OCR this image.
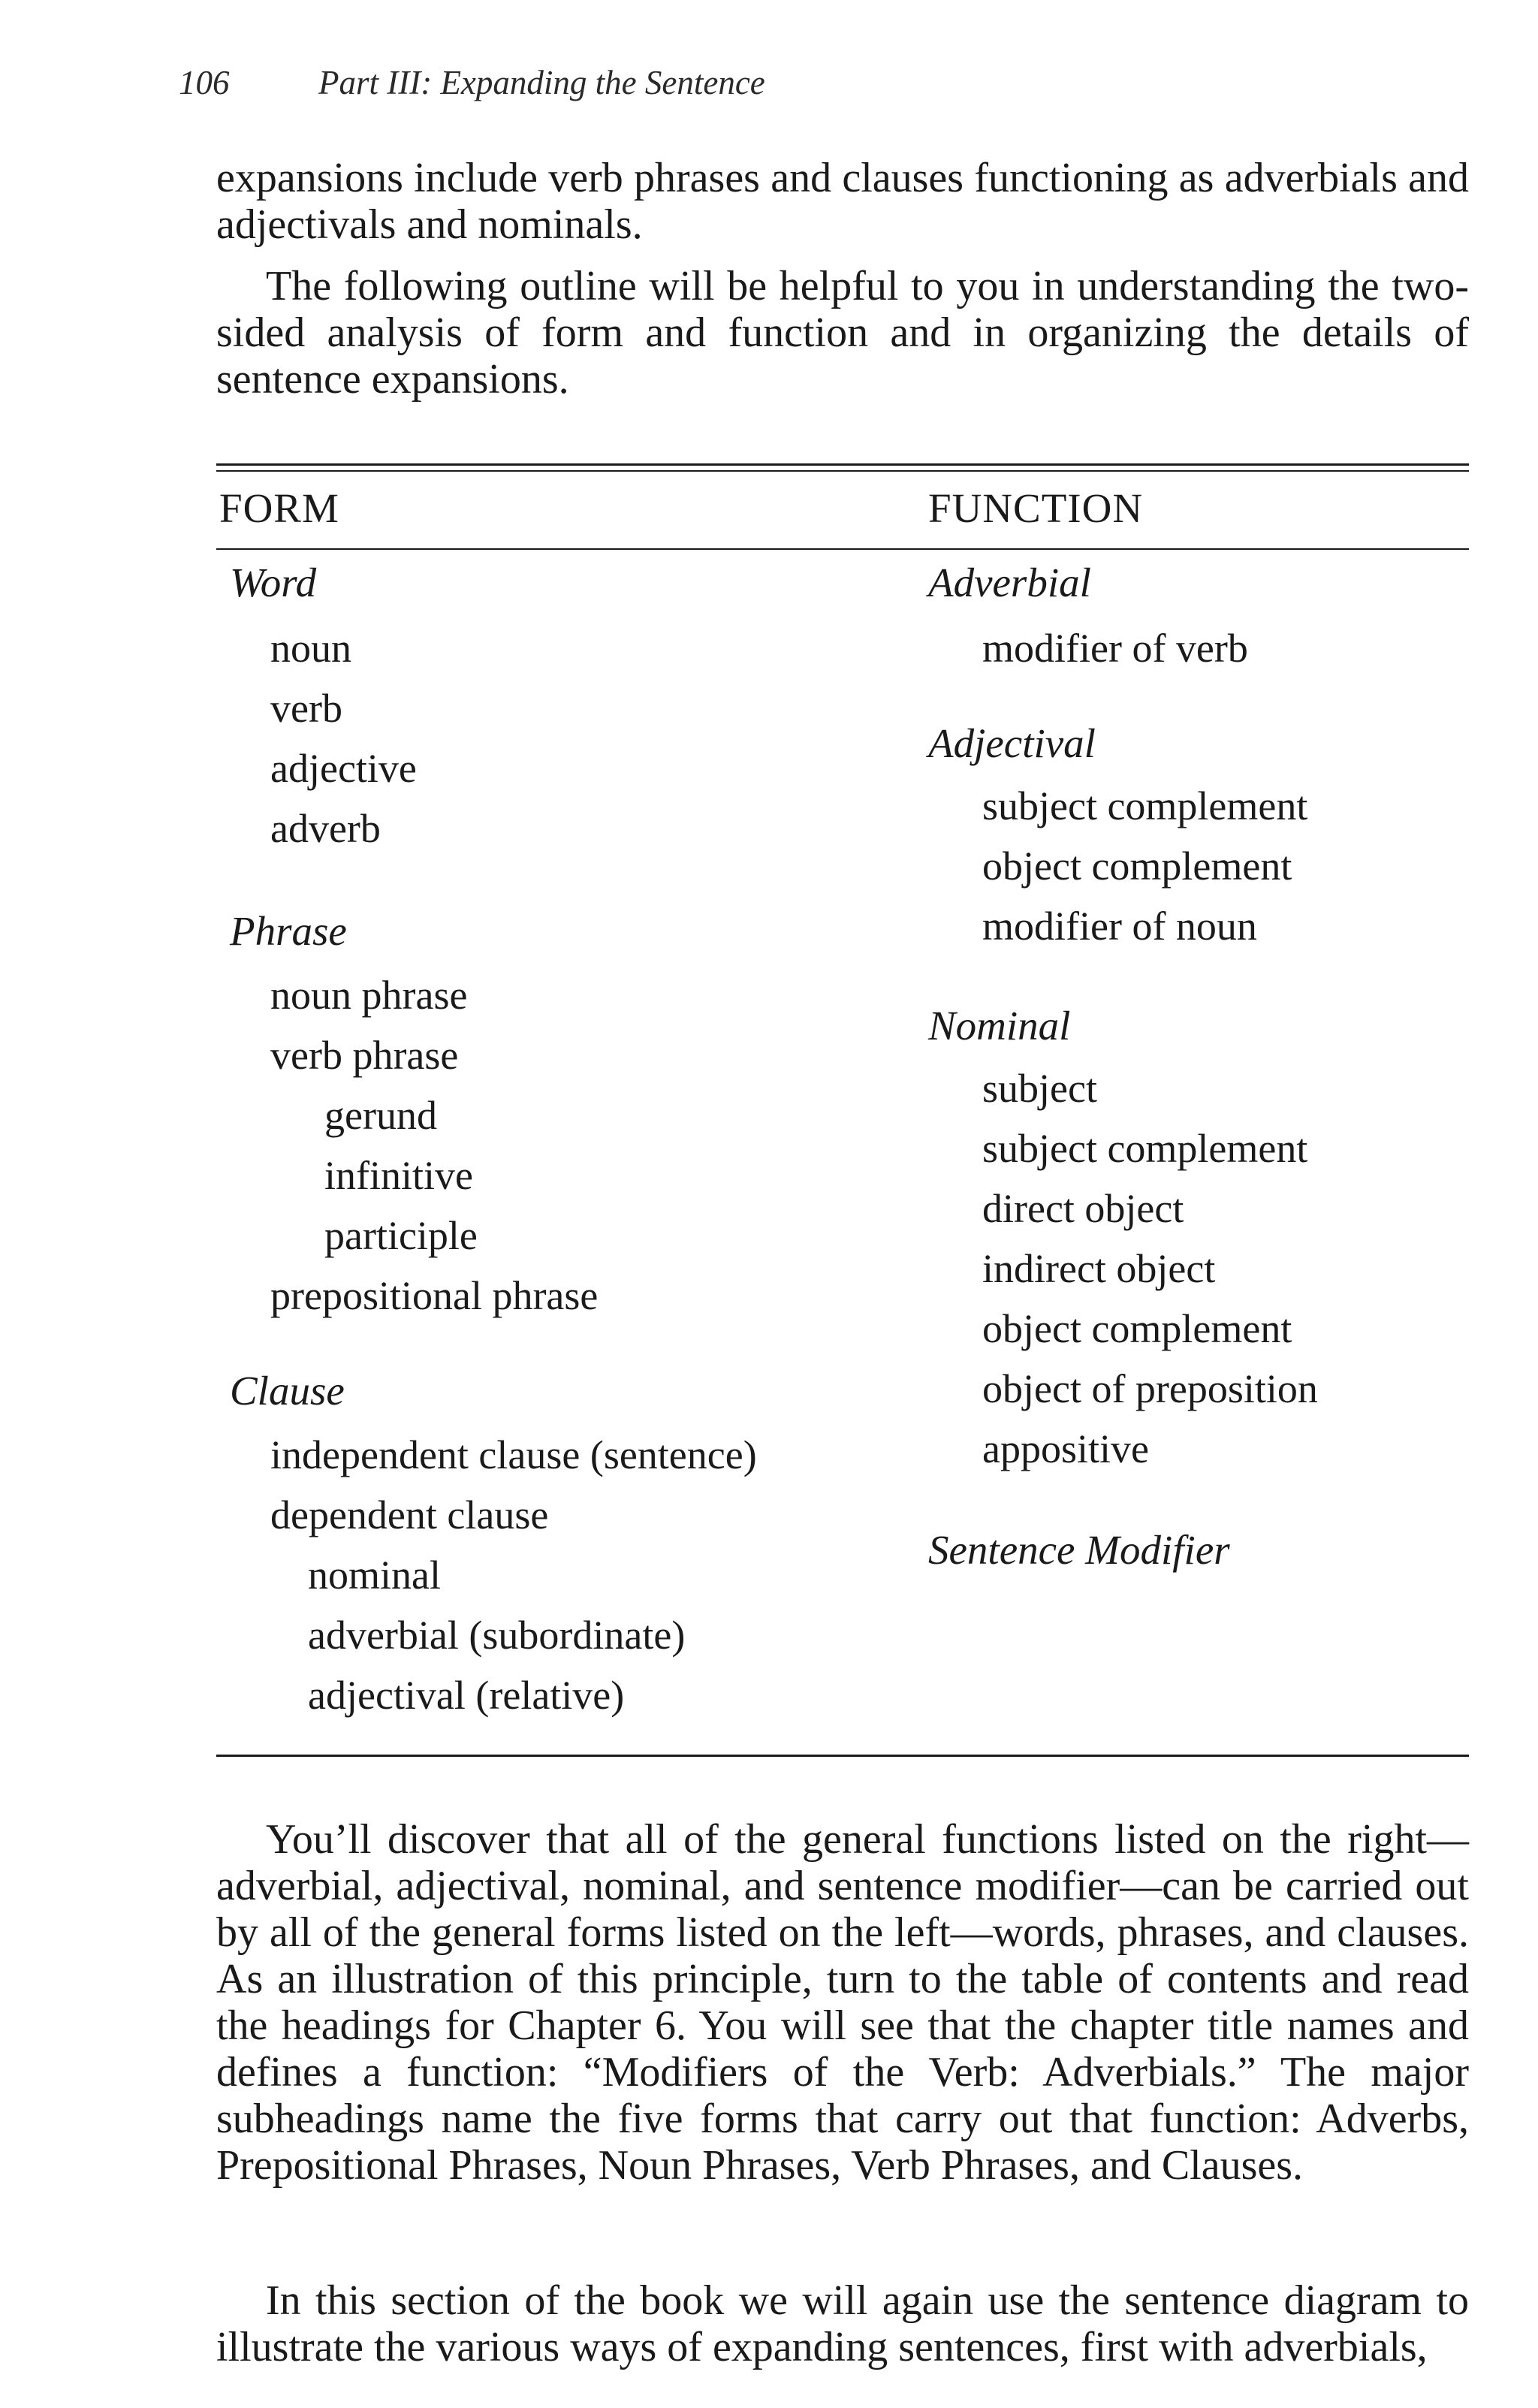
106	Part III: Expanding the Sentence

expansions include verb phrases and clauses functioning as adverbials and adjectivals and nominals.

The following outline will be helpful to you in understanding the two-sided analysis of form and function and in organizing the details of sentence expansions.

FORM	FUNCTION
Word
noun
verb
adjective
adverb
Phrase
noun phrase
verb phrase
gerund
infinitive
participle
prepositional phrase
Clause
independent clause (sentence)
dependent clause
nominal
adverbial (subordinate)
adjectival (relative)
Adverbial
modifier of verb
Adjectival
subject complement
object complement
modifier of noun
Nominal
subject
subject complement
direct object
indirect object
object complement
object of preposition
appositive
Sentence Modifier

You’ll discover that all of the general functions listed on the right—adverbial, adjectival, nominal, and sentence modifier—can be carried out by all of the general forms listed on the left—words, phrases, and clauses. As an illustration of this principle, turn to the table of contents and read the headings for Chapter 6. You will see that the chapter title names and defines a function: “Modifiers of the Verb: Adverbials.” The major subheadings name the five forms that carry out that function: Adverbs, Prepositional Phrases, Noun Phrases, Verb Phrases, and Clauses.

In this section of the book we will again use the sentence diagram to illustrate the various ways of expanding sentences, first with adverbials,
